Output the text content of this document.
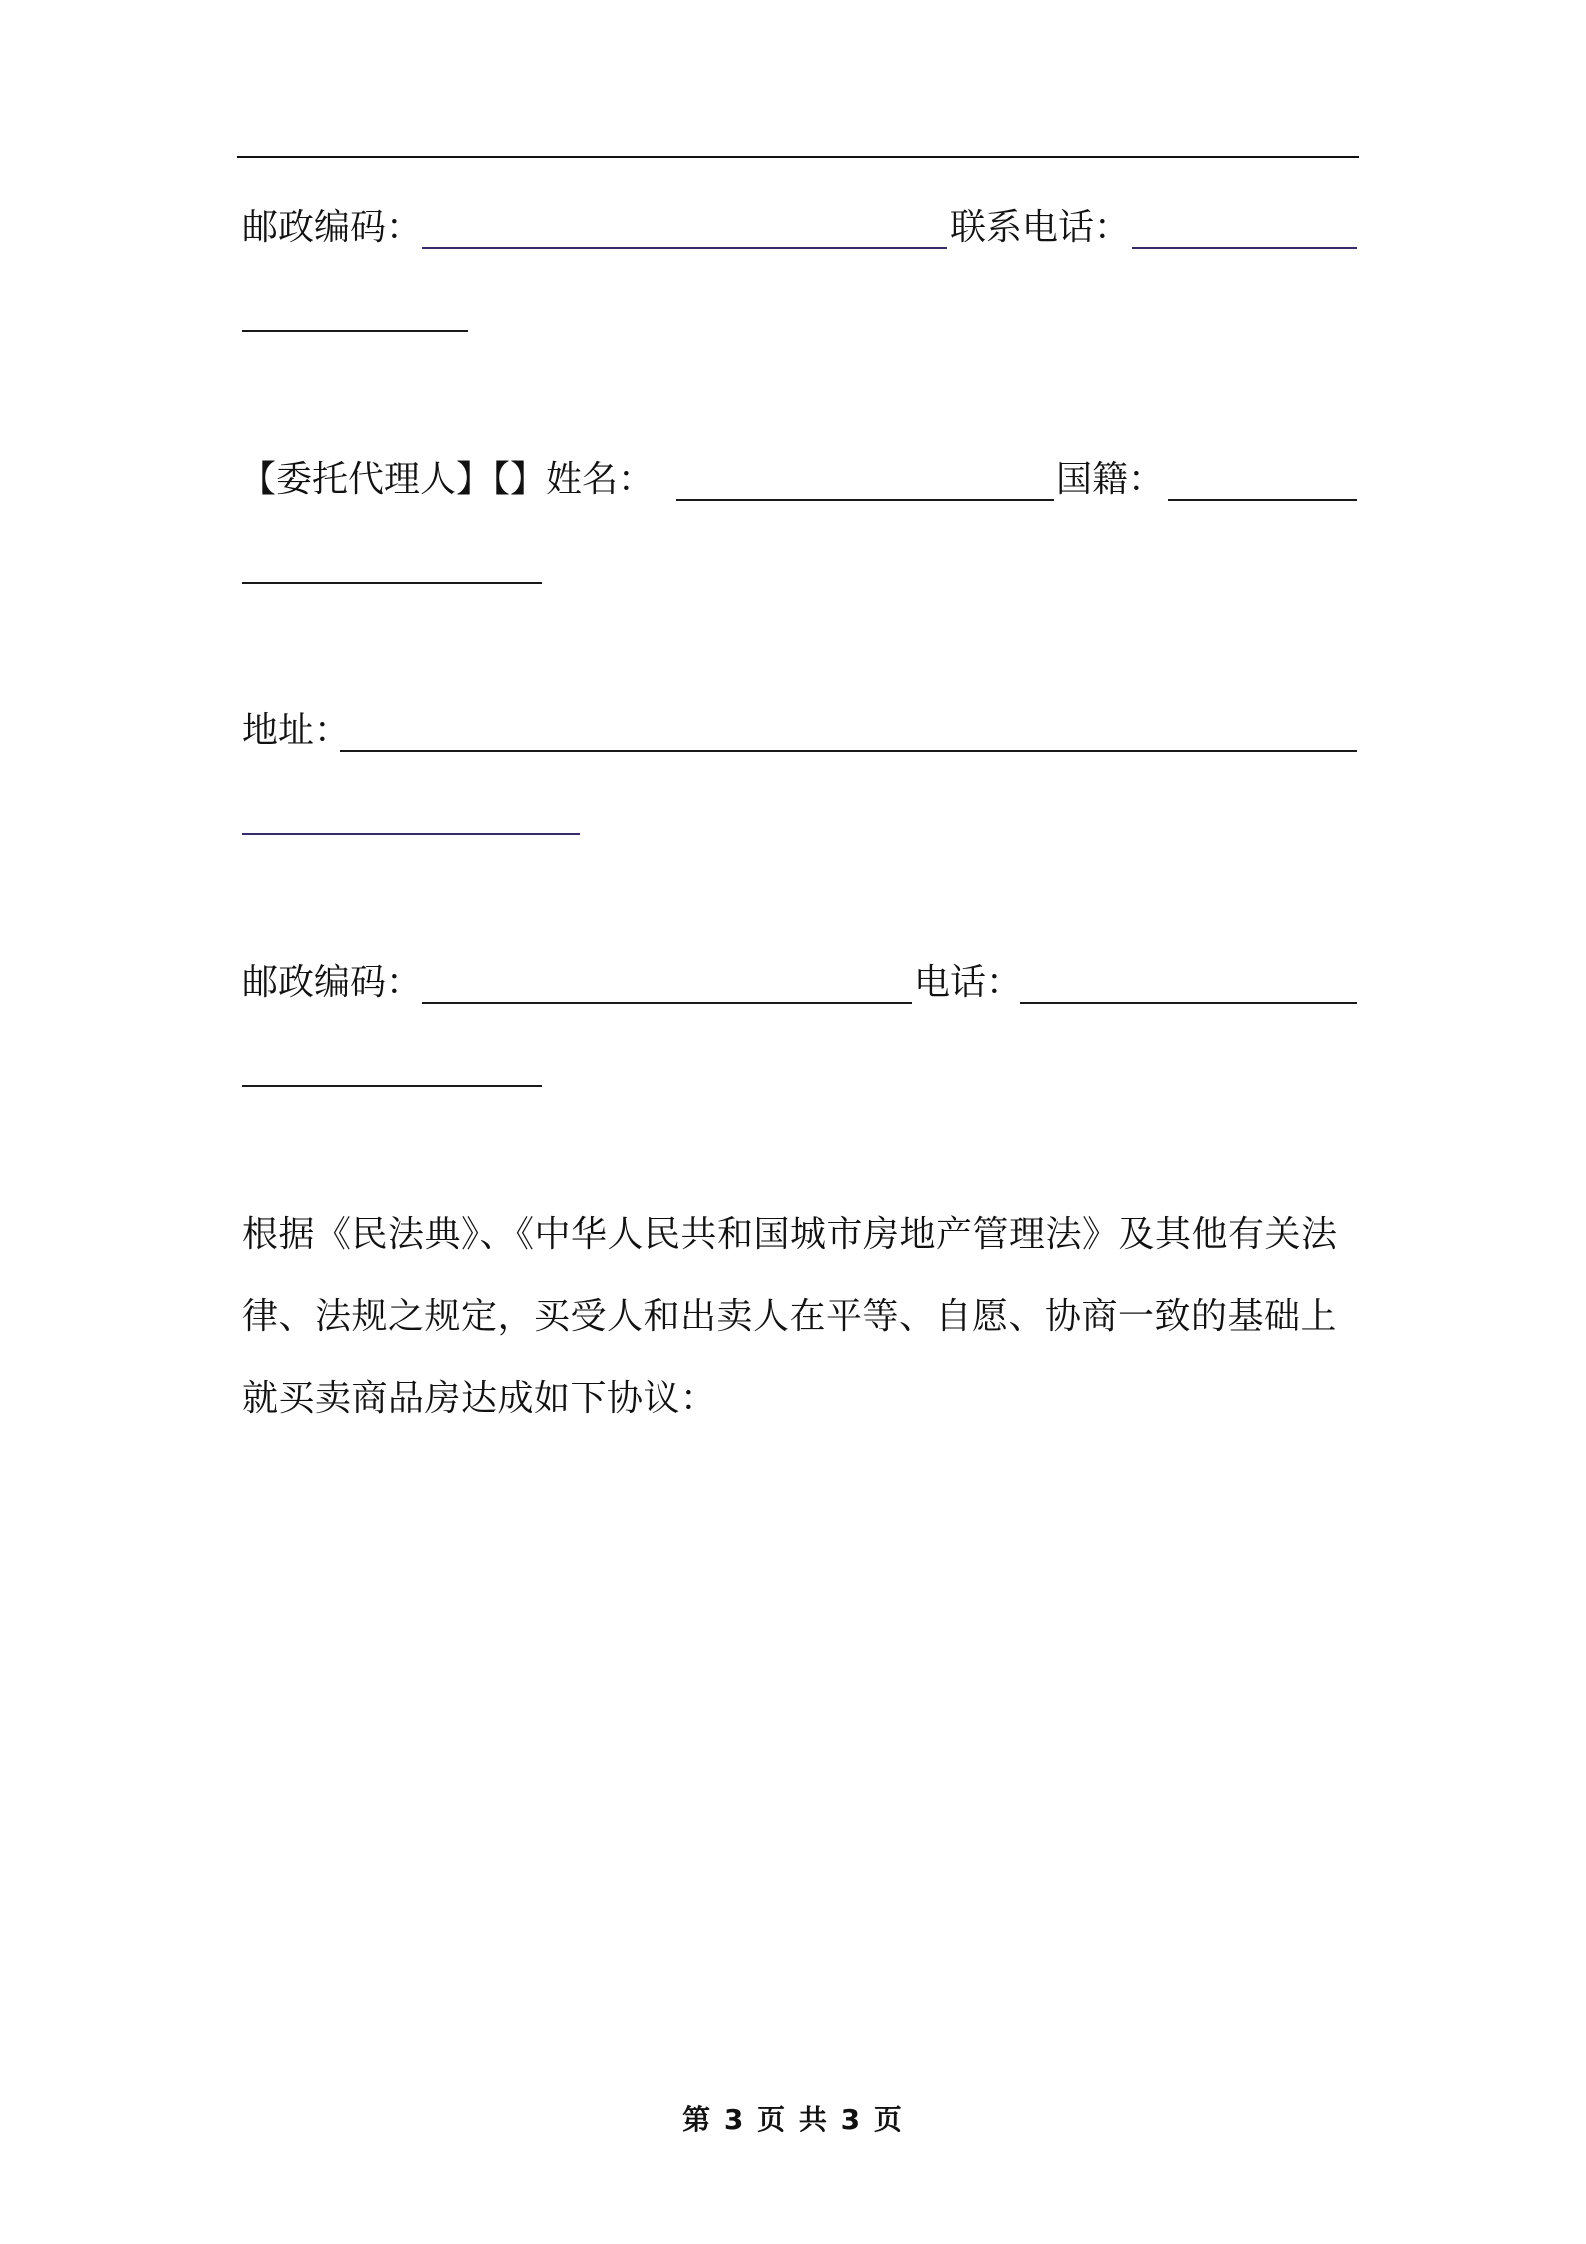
邮政编码：	联系电话：
【委托代理人】【】姓名：	国籍：
地址：
邮政编码：	电话：
根据《民法典》、《中华人民共和国城市房地产管理法》及其他有关法
律、法规之规定，买受人和出卖人在平等、自愿、协商一致的基础上
就买卖商品房达成如下协议：
第 3 页 共 3 页
